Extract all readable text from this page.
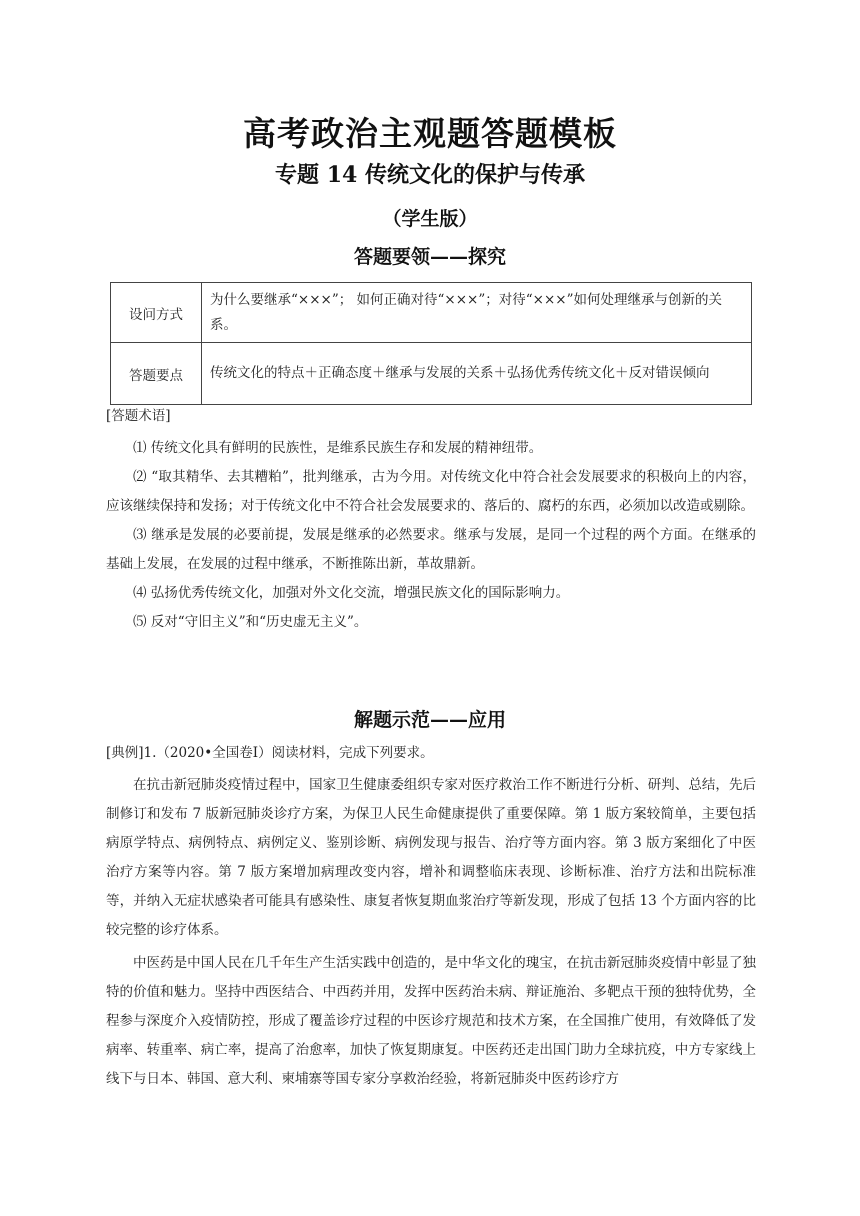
高考政治主观题答题模板
专题 14 传统文化的保护与传承
（学生版）
答题要领——探究
设问方式	为什么要继承“×××”； 如何正确对待“×××”；对待“×××”如何处理继承与创新的关系。
答题要点	传统文化的特点＋正确态度＋继承与发展的关系＋弘扬优秀传统文化＋反对错误倾向

[答题术语]

⑴ 传统文化具有鲜明的民族性，是维系民族生存和发展的精神纽带。

⑵ “取其精华、去其糟粕”，批判继承，古为今用。对传统文化中符合社会发展要求的积极向上的内容，应该继续保持和发扬；对于传统文化中不符合社会发展要求的、落后的、腐朽的东西，必须加以改造或剔除。

⑶ 继承是发展的必要前提，发展是继承的必然要求。继承与发展，是同一个过程的两个方面。在继承的基础上发展，在发展的过程中继承，不断推陈出新，革故鼎新。

⑷ 弘扬优秀传统文化，加强对外文化交流，增强民族文化的国际影响力。

⑸ 反对“守旧主义”和“历史虚无主义”。

解题示范——应用

[典例]1.（2020•全国卷Ⅰ）阅读材料，完成下列要求。

在抗击新冠肺炎疫情过程中，国家卫生健康委组织专家对医疗救治工作不断进行分析、研判、总结，先后制修订和发布 7 版新冠肺炎诊疗方案，为保卫人民生命健康提供了重要保障。第 1 版方案较简单，主要包括病原学特点、病例特点、病例定义、鉴别诊断、病例发现与报告、治疗等方面内容。第 3 版方案细化了中医治疗方案等内容。第 7 版方案增加病理改变内容，增补和调整临床表现、诊断标准、治疗方法和出院标准等，并纳入无症状感染者可能具有感染性、康复者恢复期血浆治疗等新发现，形成了包括 13 个方面内容的比较完整的诊疗体系。

中医药是中国人民在几千年生产生活实践中创造的，是中华文化的瑰宝，在抗击新冠肺炎疫情中彰显了独特的价值和魅力。坚持中西医结合、中西药并用，发挥中医药治未病、辩证施治、多靶点干预的独特优势，全程参与深度介入疫情防控，形成了覆盖诊疗过程的中医诊疗规范和技术方案，在全国推广使用，有效降低了发病率、转重率、病亡率，提高了治愈率，加快了恢复期康复。中医药还走出国门助力全球抗疫，中方专家线上线下与日本、韩国、意大利、柬埔寨等国专家分享救治经验，将新冠肺炎中医药诊疗方
